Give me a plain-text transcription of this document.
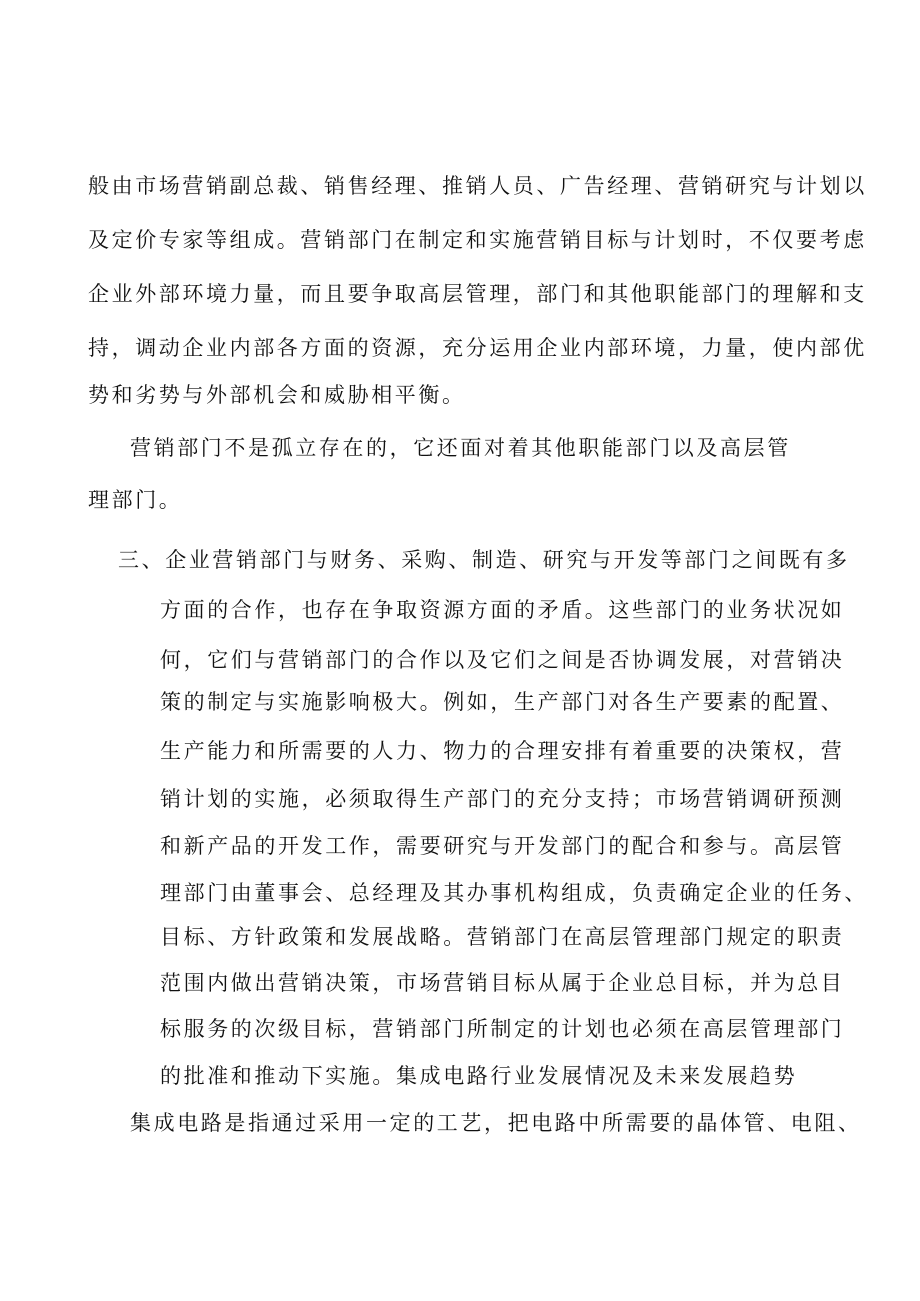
般由市场营销副总裁、销售经理、推销人员、广告经理、营销研究与计划以
及定价专家等组成。营销部门在制定和实施营销目标与计划时，不仅要考虑
企业外部环境力量，而且要争取高层管理，部门和其他职能部门的理解和支
持，调动企业内部各方面的资源，充分运用企业内部环境，力量，使内部优
势和劣势与外部机会和威胁相平衡。
营销部门不是孤立存在的，它还面对着其他职能部门以及高层管
理部门。
三、企业营销部门与财务、采购、制造、研究与开发等部门之间既有多
方面的合作，也存在争取资源方面的矛盾。这些部门的业务状况如
何，它们与营销部门的合作以及它们之间是否协调发展，对营销决
策的制定与实施影响极大。例如，生产部门对各生产要素的配置、
生产能力和所需要的人力、物力的合理安排有着重要的决策权，营
销计划的实施，必须取得生产部门的充分支持；市场营销调研预测
和新产品的开发工作，需要研究与开发部门的配合和参与。高层管
理部门由董事会、总经理及其办事机构组成，负责确定企业的任务、
目标、方针政策和发展战略。营销部门在高层管理部门规定的职责
范围内做出营销决策，市场营销目标从属于企业总目标，并为总目
标服务的次级目标，营销部门所制定的计划也必须在高层管理部门
的批准和推动下实施。集成电路行业发展情况及未来发展趋势
集成电路是指通过采用一定的工艺，把电路中所需要的晶体管、电阻、
